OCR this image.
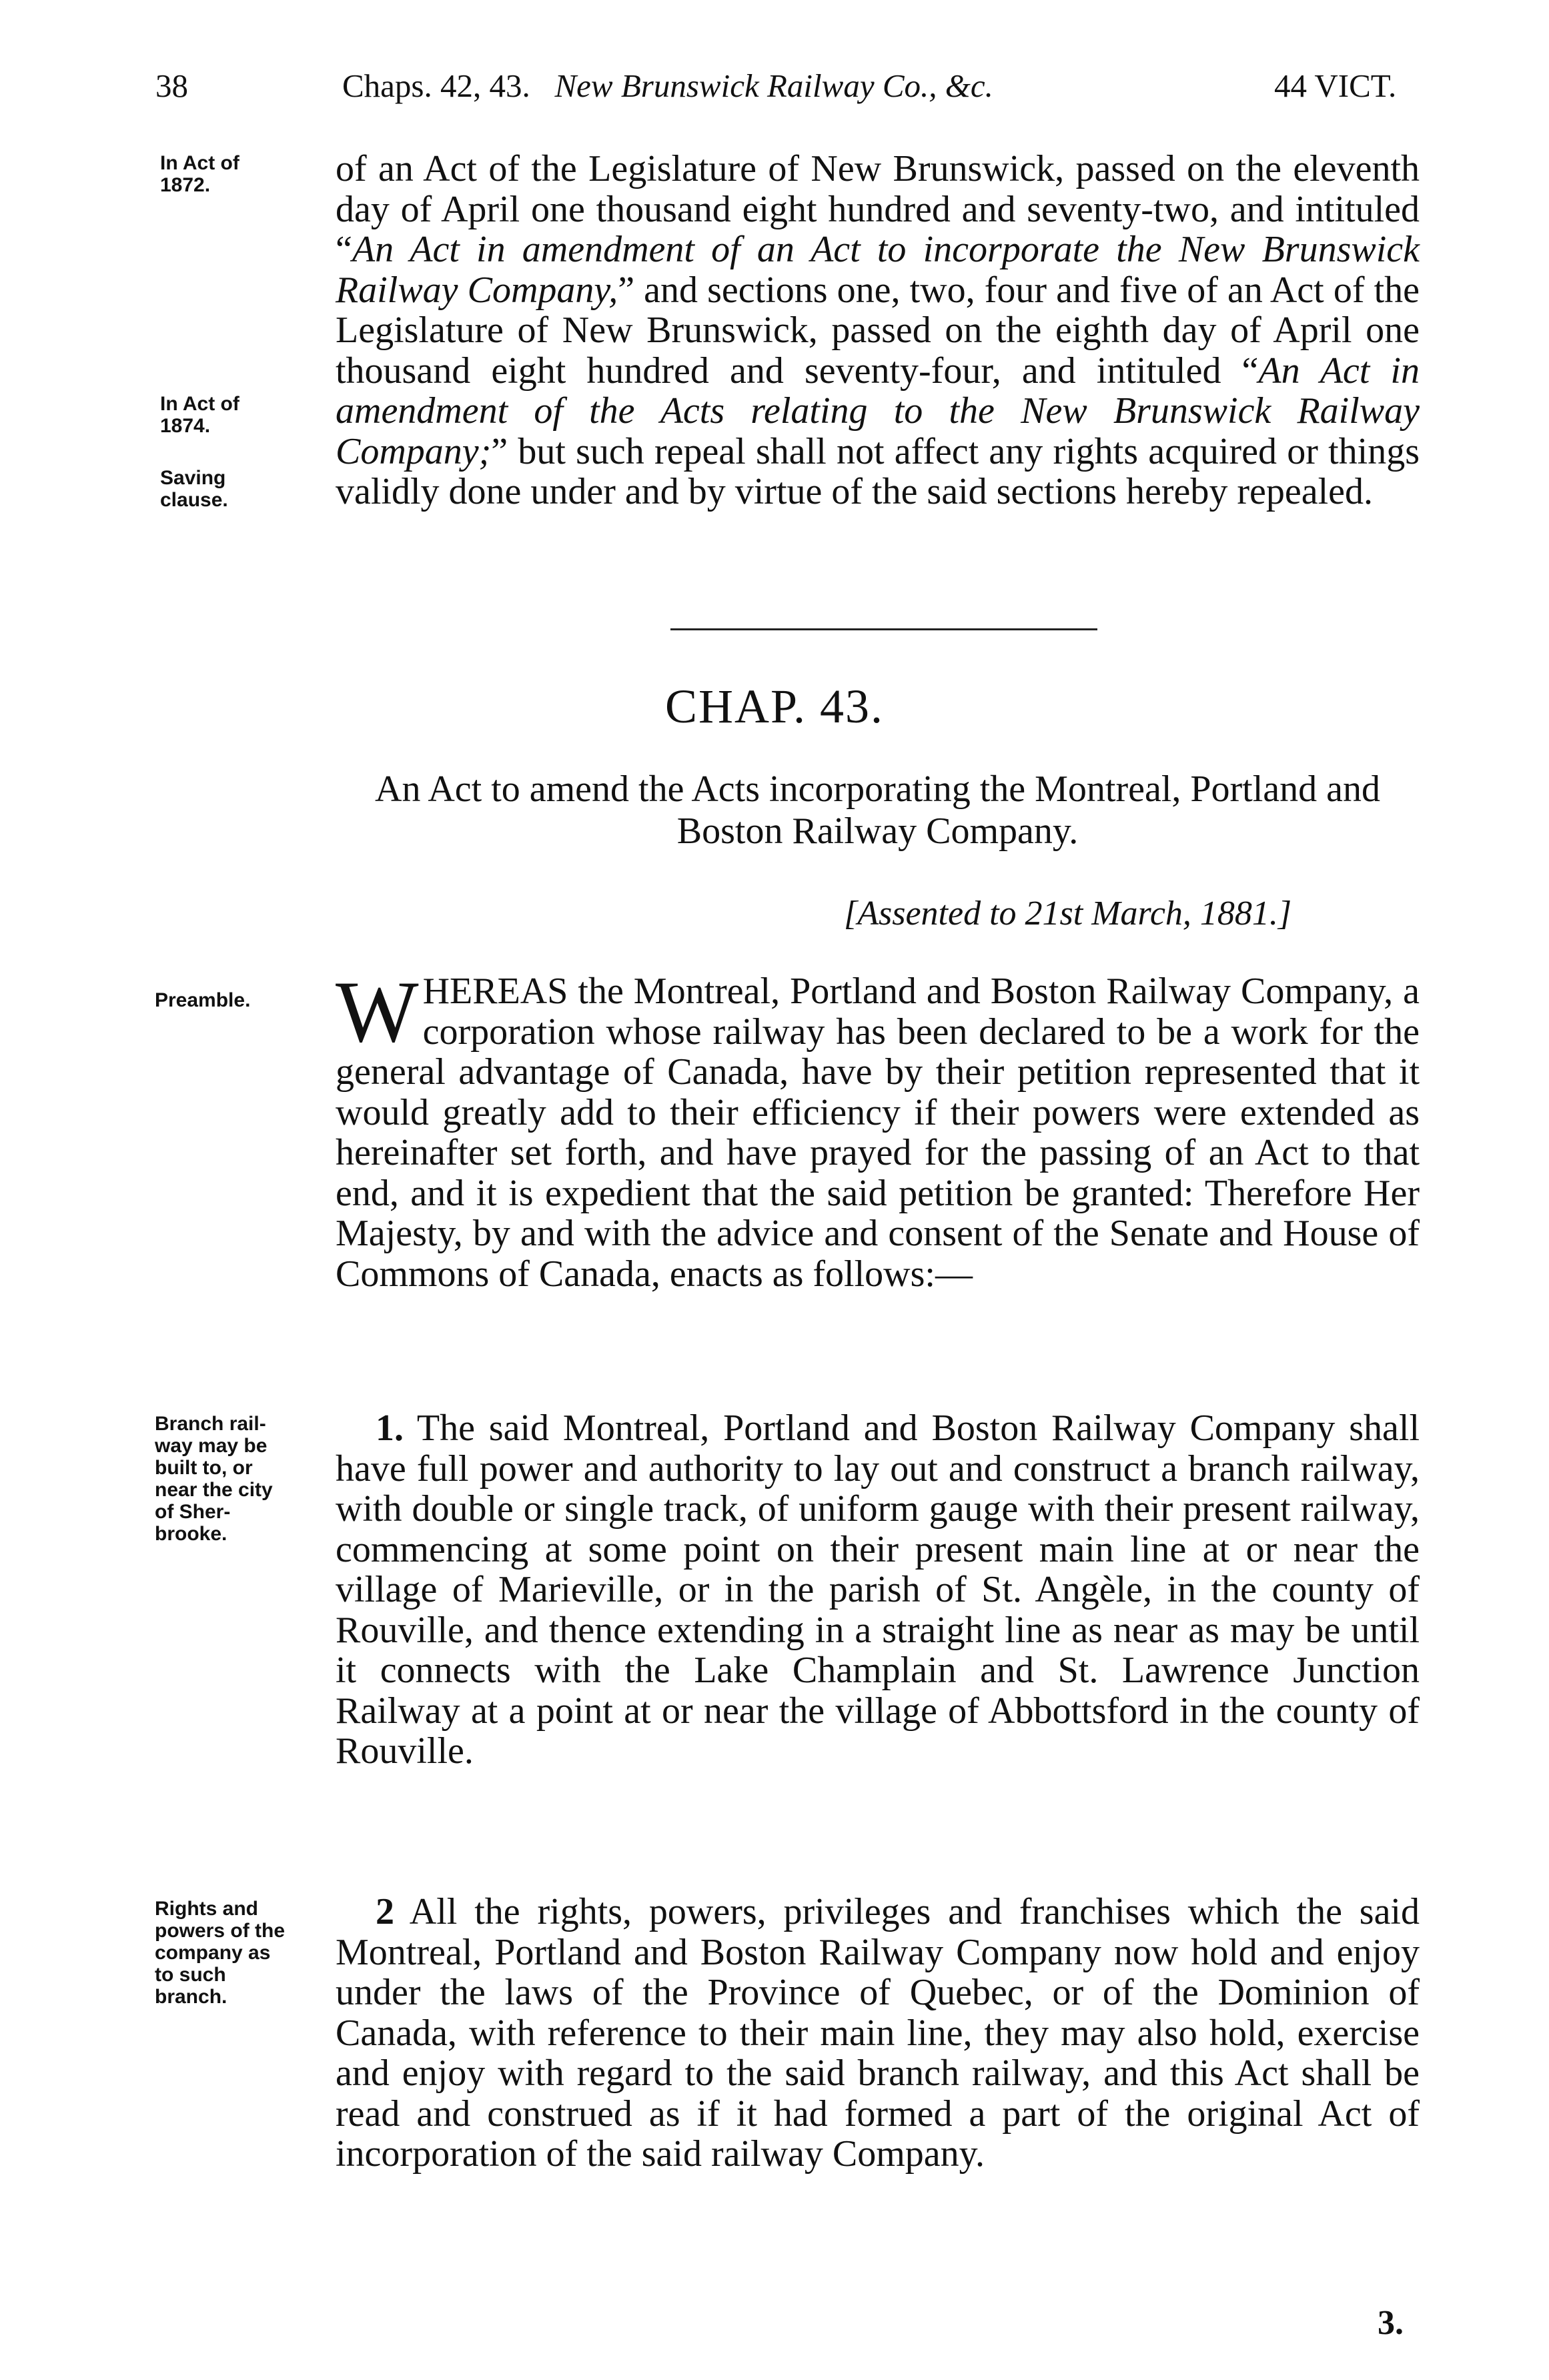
38	Chaps. 42, 43. New Brunswick Railway Co., &c.	44 VICT.
In Act of
1872.
In Act of
1874.
Saving
clause.
Preamble.
Branch rail-
way may be
built to, or
near the city
of Sher-
brooke.
Rights and
powers of the
company as
to such
branch.

of an Act of the Legislature of New Brunswick, passed on the eleventh day of April one thousand eight hundred and seventy-two, and intituled “An Act in amendment of an Act to incorporate the New Brunswick Railway Company,” and sections one, two, four and five of an Act of the Legislature of New Brunswick, passed on the eighth day of April one thousand eight hundred and seventy-four, and intituled “An Act in amendment of the Acts relating to the New Brunswick Railway Company;” but such repeal shall not affect any rights acquired or things validly done under and by virtue of the said sections hereby repealed.

WHEREAS the Montreal, Portland and Boston Railway Company, a corporation whose railway has been declared to be a work for the general advantage of Canada, have by their petition represented that it would greatly add to their efficiency if their powers were extended as hereinafter set forth, and have prayed for the passing of an Act to that end, and it is expedient that the said petition be granted: Therefore Her Majesty, by and with the advice and consent of the Senate and House of Commons of Canada, enacts as follows:—

1. The said Montreal, Portland and Boston Railway Company shall have full power and authority to lay out and construct a branch railway, with double or single track, of uniform gauge with their present railway, commencing at some point on their present main line at or near the village of Marieville, or in the parish of St. Angèle, in the county of Rouville, and thence extending in a straight line as near as may be until it connects with the Lake Champlain and St. Lawrence Junction Railway at a point at or near the village of Abbottsford in the county of Rouville.

2 All the rights, powers, privileges and franchises which the said Montreal, Portland and Boston Railway Company now hold and enjoy under the laws of the Province of Quebec, or of the Dominion of Canada, with reference to their main line, they may also hold, exercise and enjoy with regard to the said branch railway, and this Act shall be read and construed as if it had formed a part of the original Act of incorporation of the said railway Company.

CHAP. 43.
An Act to amend the Acts incorporating the Montreal, Portland and Boston Railway Company.
[Assented to 21st March, 1881.]
3.
